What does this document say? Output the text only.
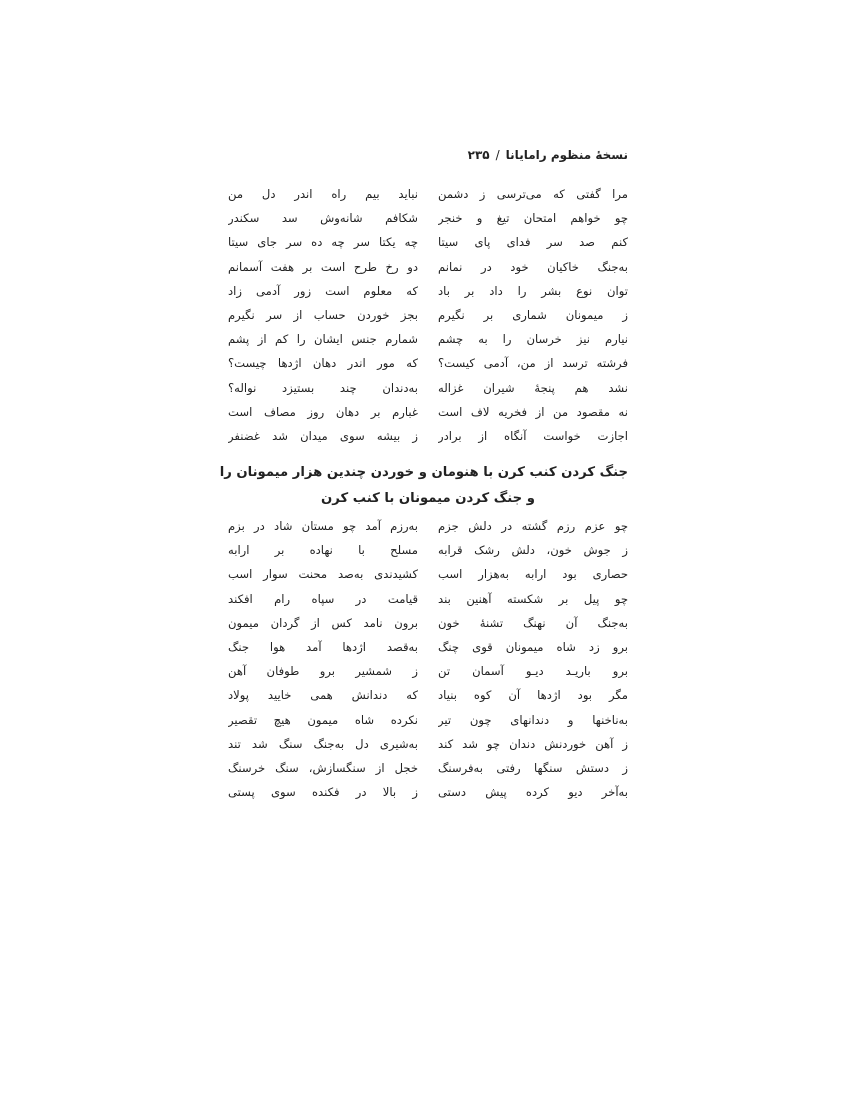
نسخهٔ منظوم رامایانا/۲۳۵
مرا گفتی که می‌ترسی ز دشمن
نباید بیم راه اندر دل من
چو خواهم امتحان تیغ و خنجر
شکافم شانه‌وش سد سکندر
کنم صد سر فدای پای سیتا
چه یکتا سر چه ده سر جای سیتا
به‌جنگ خاکیان خود در نمانم
دو رخ طرح است بر هفت آسمانم
توان نوع بشر را داد بر باد
که معلوم است زور آدمی زاد
ز میمونان شماری بر نگیرم
بجز خوردن حساب از سر نگیرم
نیارم نیز خرسان را به چشم
شمارم جنس ایشان را کم از پشم
فرشته ترسد از من، آدمی کیست؟
که مور اندر دهان اژدها چیست؟
نشد هم پنجهٔ شیران غزاله
به‌دندان چند بستیزد نواله؟
نه مقصود من از فخریه لاف است
غبارم بر دهان روز مصاف است
اجازت خواست آنگاه از برادر
ز بیشه سوی میدان شد غضنفر
جنگ کردن کنب کرن با هنومان و خوردن چندین هزار میمونان را
و جنگ کردن میمونان با کنب کرن
چو عزم رزم گشته در دلش جزم
به‌رزم آمد چو مستان شاد در بزم
ز جوش خون، دلش رشک قرابه
مسلح با نهاده بر ارابه
حصاری بود ارابه به‌هزار اسب
کشیدندی به‌صد محنت سوار اسب
چو پیل بر شکسته آهنین بند
قیامت در سپاه رام افکند
به‌جنگ آن نهنگ تشنهٔ خون
برون نامد کس از گردان میمون
برو زد شاه میمونان قوی چنگ
به‌قصد اژدها آمد هوا جنگ
برو باریـد دیـو آسمان تن
ز شمشیر برو طوفان آهن
مگر بود اژدها آن کوه بنیاد
که دندانش همی خایید پولاد
به‌ناخنها و دندانهای چون تیر
نکرده شاه میمون هیچ تقصیر
ز آهن خوردنش دندان چو شد کند
به‌شیری دل به‌جنگ سنگ شد تند
ز دستش سنگها رفتی به‌فرسنگ
خجل از سنگسازش، سنگ خرسنگ
به‌آخر دیو کرده پیش دستی
ز بالا در فکنده سوی پستی
